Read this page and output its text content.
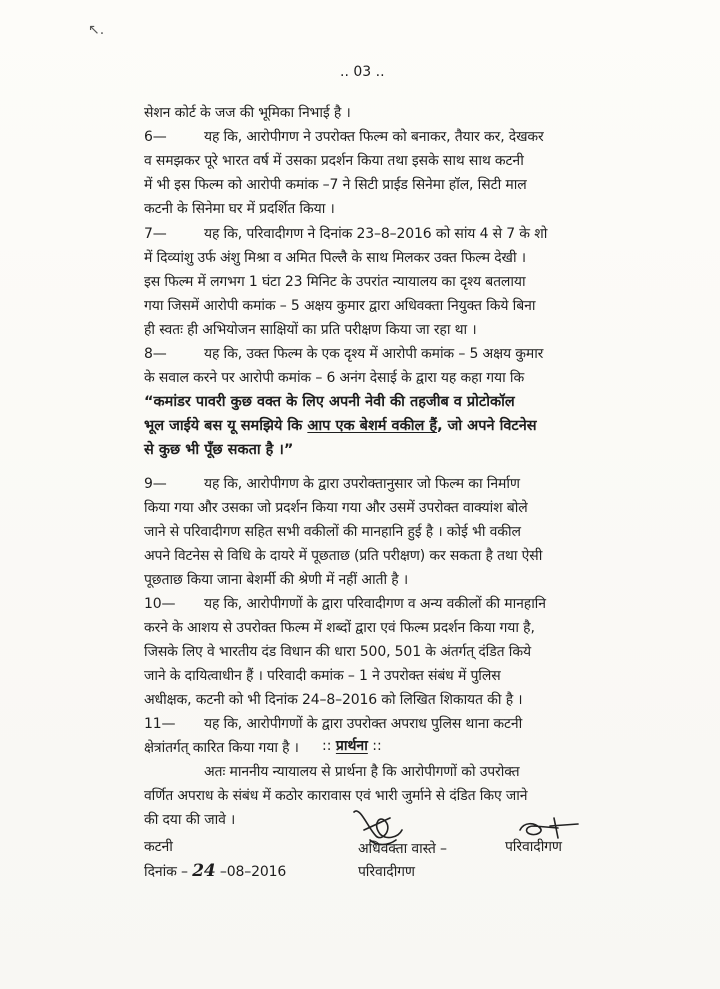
↖.
.. 03 ..
सेशन कोर्ट के जज की भूमिका निभाई है ।
6—	यह कि, आरोपीगण ने उपरोक्त फिल्म को बनाकर, तैयार कर, देखकर
व समझकर पूरे भारत वर्ष में उसका प्रदर्शन किया तथा इसके साथ साथ कटनी
में भी इस फिल्म को आरोपी कमांक –7 ने सिटी प्राईड सिनेमा हॉल, सिटी माल
कटनी के सिनेमा घर में प्रदर्शित किया ।
7—	यह कि, परिवादीगण ने दिनांक 23–8–2016 को सांय 4 से 7 के शो
में दिव्यांशु उर्फ अंशु मिश्रा व अमित पिल्लै के साथ मिलकर उक्त फिल्म देखी ।
इस फिल्म में लगभग 1 घंटा 23 मिनिट के उपरांत न्यायालय का दृश्य बतलाया
गया जिसमें आरोपी कमांक – 5 अक्षय कुमार द्वारा अधिवक्ता नियुक्त किये बिना
ही स्वतः ही अभियोजन साक्षियों का प्रति परीक्षण किया जा रहा था ।
8—	यह कि, उक्त फिल्म के एक दृश्य में आरोपी कमांक – 5 अक्षय कुमार
के सवाल करने पर आरोपी कमांक – 6 अनंग देसाई के द्वारा यह कहा गया कि
“कमांडर पावरी कुछ वक्त के लिए अपनी नेवी की तहजीब व प्रोटोकॉल
भूल जाईये बस यू समझिये कि आप एक बेशर्म वकील हैं, जो अपने विटनेस
से कुछ भी पूँछ सकता है ।”
9—	यह कि, आरोपीगण के द्वारा उपरोक्तानुसार जो फिल्म का निर्माण
किया गया और उसका जो प्रदर्शन किया गया और उसमें उपरोक्त वाक्यांश बोले
जाने से परिवादीगण सहित सभी वकीलों की मानहानि हुई है । कोई भी वकील
अपने विटनेस से विधि के दायरे में पूछताछ (प्रति परीक्षण) कर सकता है तथा ऐसी
पूछताछ किया जाना बेशर्मी की श्रेणी में नहीं आती है ।
10— यह कि, आरोपीगणों के द्वारा परिवादीगण व अन्य वकीलों की मानहानि
करने के आशय से उपरोक्त फिल्म में शब्दों द्वारा एवं फिल्म प्रदर्शन किया गया है,
जिसके लिए वे भारतीय दंड विधान की धारा 500, 501 के अंतर्गत् दंडित किये
जाने के दायित्वाधीन हैं । परिवादी कमांक – 1 ने उपरोक्त संबंध में पुलिस
अधीक्षक, कटनी को भी दिनांक 24–8–2016 को लिखित शिकायत की है ।
11— यह कि, आरोपीगणों के द्वारा उपरोक्त अपराध पुलिस थाना कटनी
क्षेत्रांतर्गत् कारित किया गया है ।	:: प्रार्थना ::
अतः माननीय न्यायालय से प्रार्थना है कि आरोपीगणों को उपरोक्त
वर्णित अपराध के संबंध में कठोर कारावास एवं भारी जुर्माने से दंडित किए जाने
की दया की जावे ।
कटनी
दिनांक – 24 –08–2016
अधिवक्ता वास्ते –
परिवादीगण
परिवादीगण
